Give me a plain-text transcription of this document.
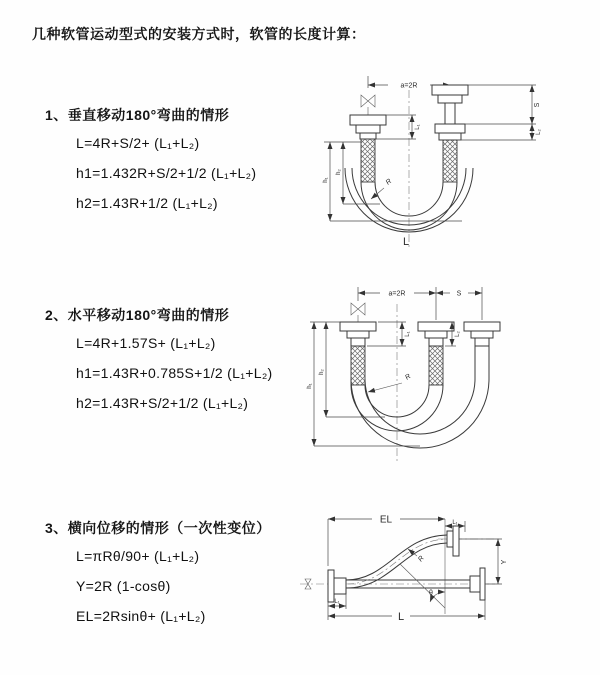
几种软管运动型式的安装方式时，软管的长度计算：
1、垂直移动180°弯曲的情形
L=4R+S/2+ (L₁+L₂)
h1=1.432R+S/2+1/2 (L₁+L₂)
h2=1.43R+1/2 (L₁+L₂)
a=2R
h₁
h₂
L₁
S
L₂
R
L
2、水平移动180°弯曲的情形
L=4R+1.57S+ (L₁+L₂)
h1=1.43R+0.785S+1/2 (L₁+L₂)
h2=1.43R+S/2+1/2 (L₁+L₂)
a=2R	S
h₁
h₂
L₁	L₂
R
3、横向位移的情形（一次性变位）
L=πRθ/90+ (L₁+L₂)
Y=2R (1-cosθ)
EL=2Rsinθ+ (L₁+L₂)
EL	L₁
Y
R
θ
L₁
L
